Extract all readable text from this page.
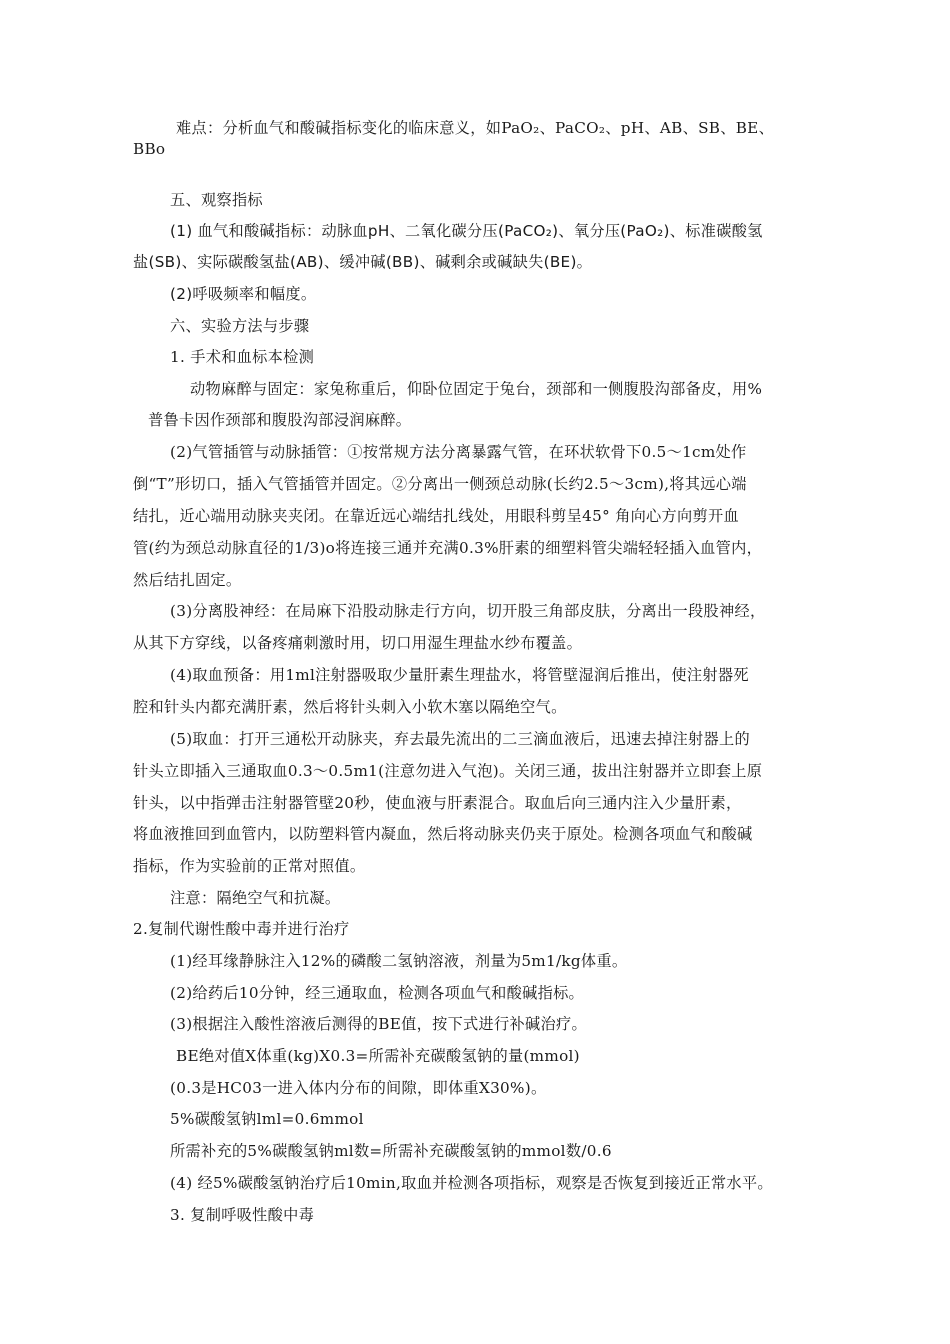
难点：分析血气和酸碱指标变化的临床意义，如PaO₂、PaCO₂、pH、AB、SB、BE、
BBo
五、观察指标
(1) 血气和酸碱指标：动脉血pH、二氧化碳分压(PaCO₂)、氧分压(PaO₂)、标准碳酸氢
盐(SB)、实际碳酸氢盐(AB)、缓冲碱(BB)、碱剩余或碱缺失(BE)。
(2)呼吸频率和幅度。
六、实验方法与步骤
1. 手术和血标本检测
动物麻醉与固定：家兔称重后，仰卧位固定于兔台，颈部和一侧腹股沟部备皮，用%
普鲁卡因作颈部和腹股沟部浸润麻醉。
(2)气管插管与动脉插管：①按常规方法分离暴露气管，在环状软骨下0.5〜1cm处作
倒“T”形切口，插入气管插管并固定。②分离出一侧颈总动脉(长约2.5〜3cm),将其远心端
结扎，近心端用动脉夹夹闭。在靠近远心端结扎线处，用眼科剪呈45° 角向心方向剪开血
管(约为颈总动脉直径的1/3)o将连接三通并充满0.3%肝素的细塑料管尖端轻轻插入血管内，
然后结扎固定。
(3)分离股神经：在局麻下沿股动脉走行方向，切开股三角部皮肤，分离出一段股神经，
从其下方穿线，以备疼痛刺激时用，切口用湿生理盐水纱布覆盖。
(4)取血预备：用1ml注射器吸取少量肝素生理盐水，将管壁湿润后推出，使注射器死
腔和针头内都充满肝素，然后将针头刺入小软木塞以隔绝空气。
(5)取血：打开三通松开动脉夹，弃去最先流出的二三滴血液后，迅速去掉注射器上的
针头立即插入三通取血0.3〜0.5m1(注意勿进入气泡)。关闭三通，拔出注射器并立即套上原
针头，以中指弹击注射器管壁20秒，使血液与肝素混合。取血后向三通内注入少量肝素，
将血液推回到血管内，以防塑料管内凝血，然后将动脉夹仍夹于原处。检测各项血气和酸碱
指标，作为实验前的正常对照值。
注意：隔绝空气和抗凝。
2.复制代谢性酸中毒并进行治疗
(1)经耳缘静脉注入12%的磷酸二氢钠溶液，剂量为5m1/kg体重。
(2)给药后10分钟，经三通取血，检测各项血气和酸碱指标。
(3)根据注入酸性溶液后测得的BE值，按下式进行补碱治疗。
BE绝对值X体重(kg)X0.3=所需补充碳酸氢钠的量(mmol)
(0.3是HC03一进入体内分布的间隙，即体重X30%)。
5%碳酸氢钠lml=0.6mmol
所需补充的5%碳酸氢钠ml数=所需补充碳酸氢钠的mmol数/0.6
(4) 经5%碳酸氢钠治疗后10min,取血并检测各项指标，观察是否恢复到接近正常水平。
3. 复制呼吸性酸中毒
